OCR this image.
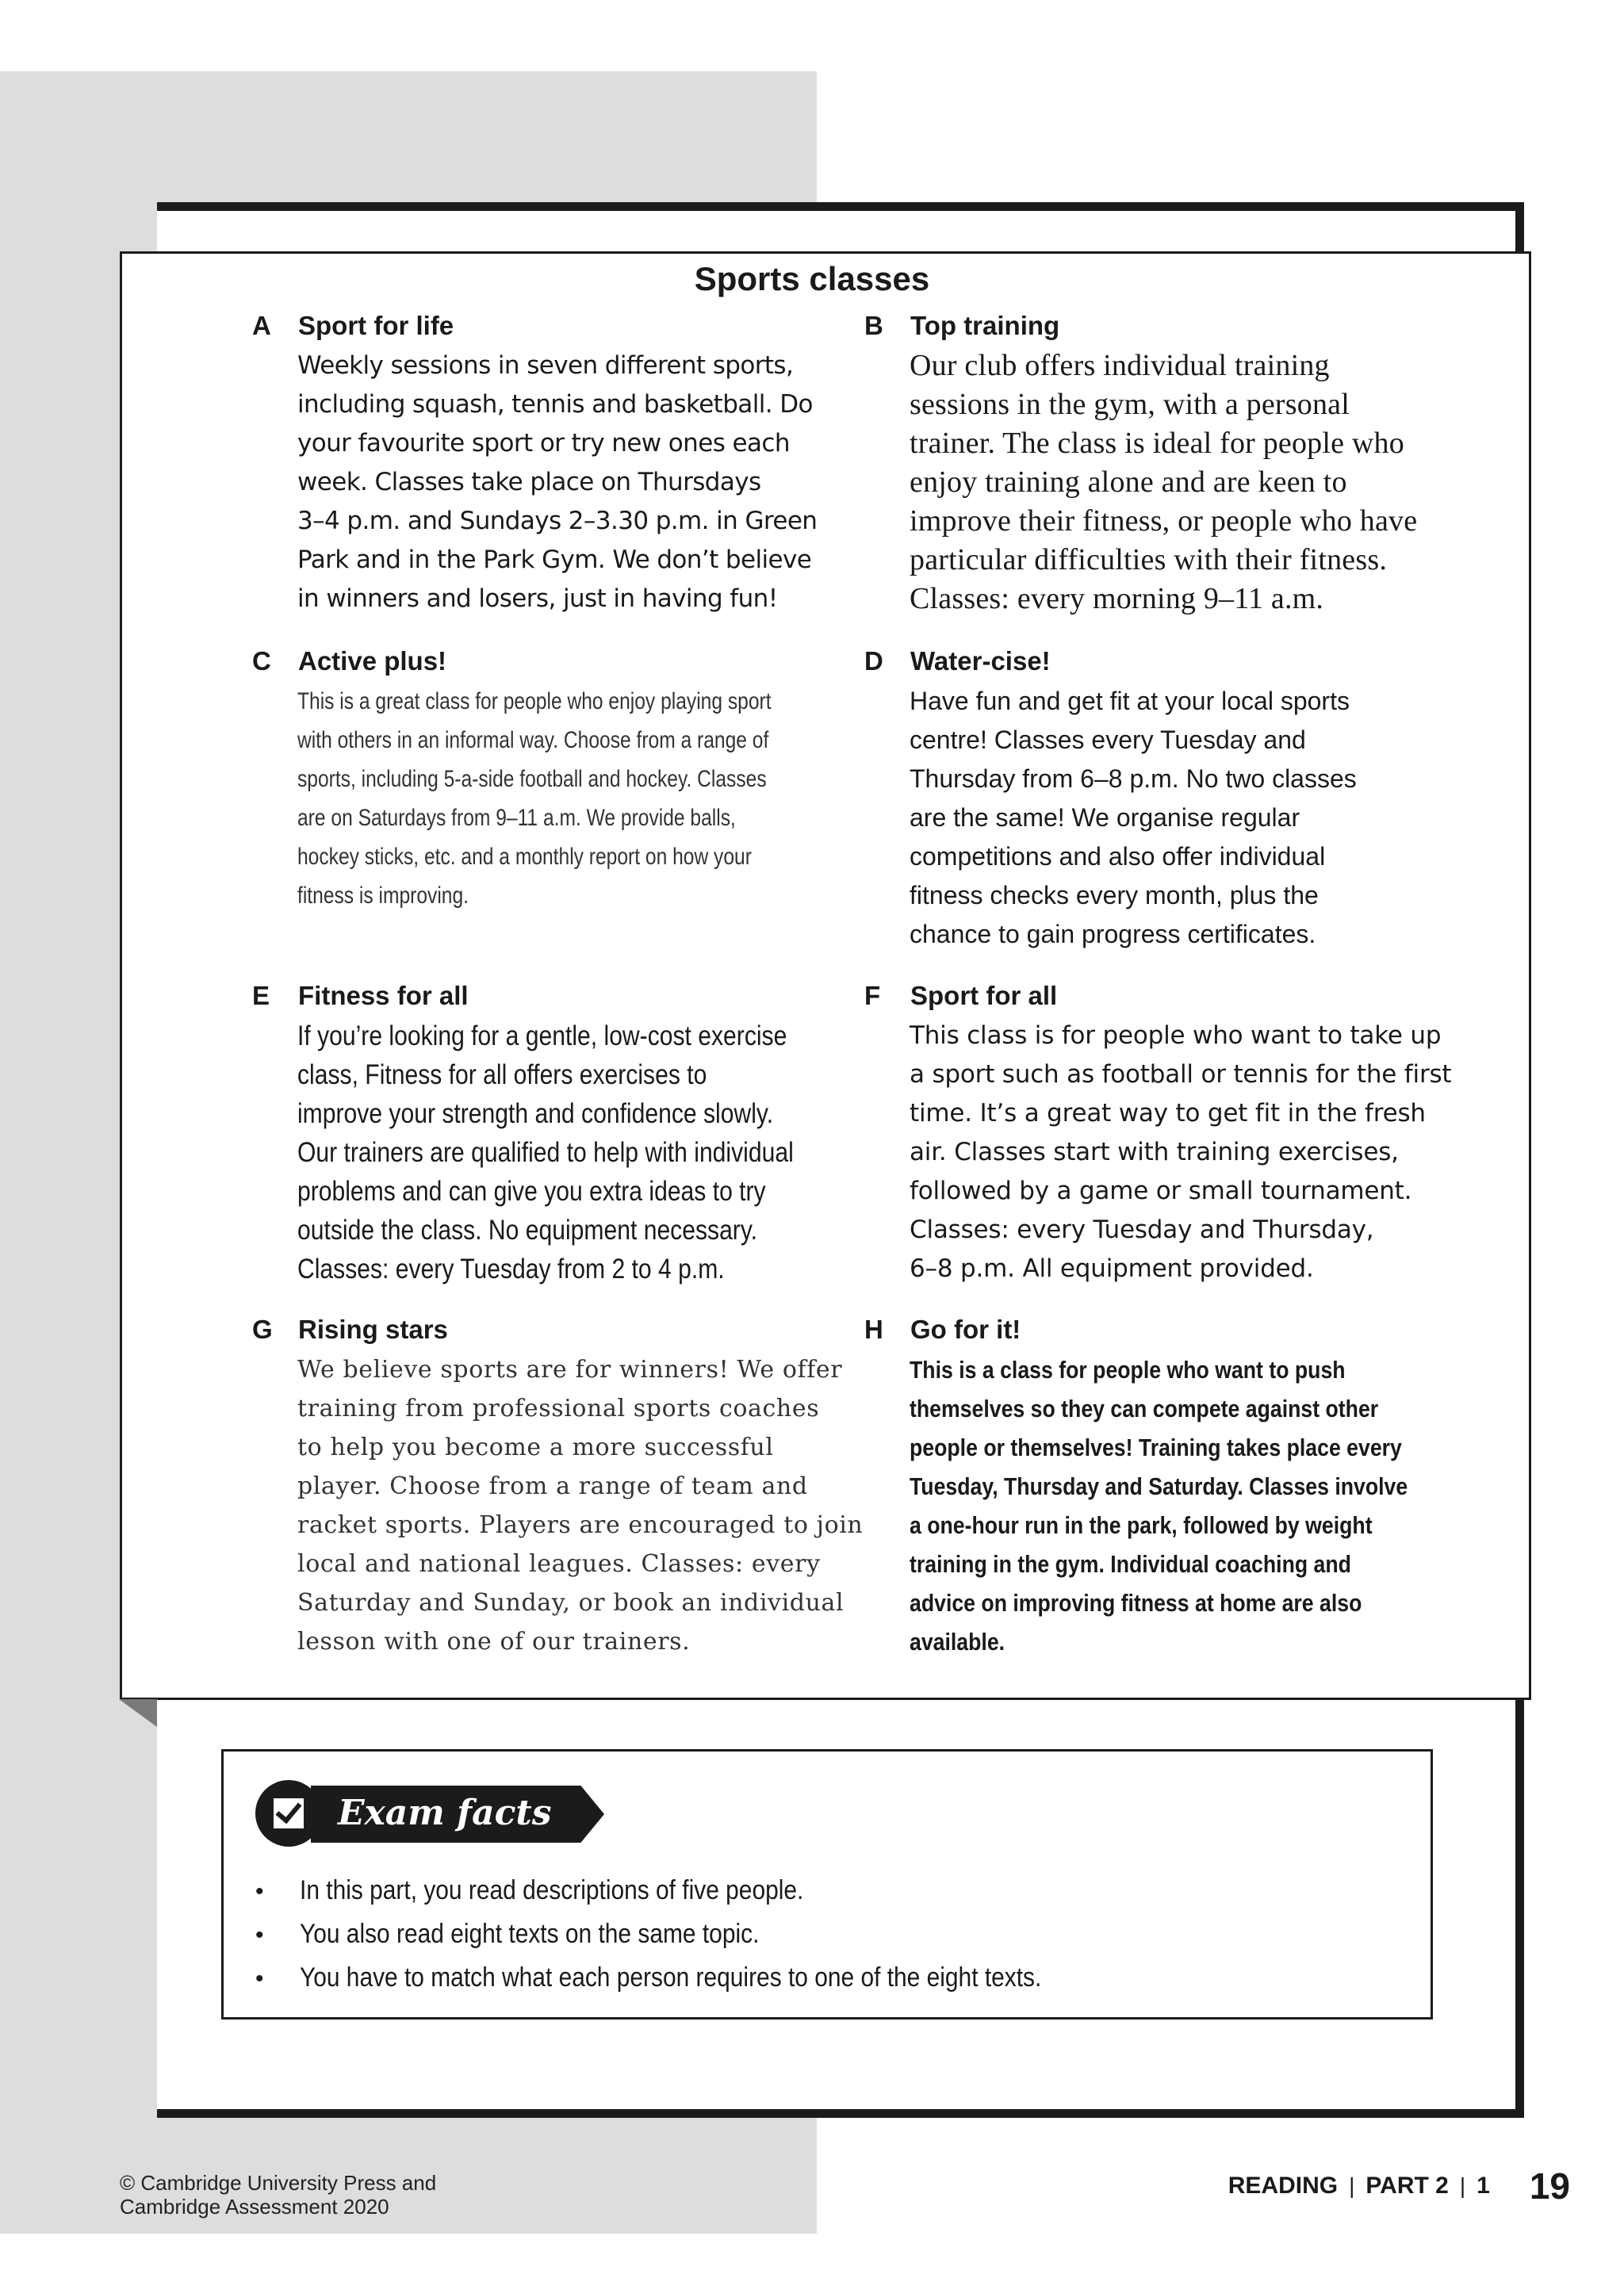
Sports classes
A Sport for life
Weekly sessions in seven different sports,
including squash, tennis and basketball. Do
your favourite sport or try new ones each
week. Classes take place on Thursdays
3–4 p.m. and Sundays 2–3.30 p.m. in Green
Park and in the Park Gym. We don’t believe
in winners and losers, just in having fun!
B Top training
Our club offers individual training
sessions in the gym, with a personal
trainer. The class is ideal for people who
enjoy training alone and are keen to
improve their fitness, or people who have
particular difficulties with their fitness.
Classes: every morning 9–11 a.m.
C Active plus!
This is a great class for people who enjoy playing sport
with others in an informal way. Choose from a range of
sports, including 5-a-side football and hockey. Classes
are on Saturdays from 9–11 a.m. We provide balls,
hockey sticks, etc. and a monthly report on how your
fitness is improving.
D Water-cise!
Have fun and get fit at your local sports
centre! Classes every Tuesday and
Thursday from 6–8 p.m. No two classes
are the same! We organise regular
competitions and also offer individual
fitness checks every month, plus the
chance to gain progress certificates.
E Fitness for all
If you’re looking for a gentle, low-cost exercise
class, Fitness for all offers exercises to
improve your strength and confidence slowly.
Our trainers are qualified to help with individual
problems and can give you extra ideas to try
outside the class. No equipment necessary.
Classes: every Tuesday from 2 to 4 p.m.
F Sport for all
This class is for people who want to take up
a sport such as football or tennis for the first
time. It’s a great way to get fit in the fresh
air. Classes start with training exercises,
followed by a game or small tournament.
Classes: every Tuesday and Thursday,
6–8 p.m. All equipment provided.
G Rising stars
We believe sports are for winners! We offer
training from professional sports coaches
to help you become a more successful
player. Choose from a range of team and
racket sports. Players are encouraged to join
local and national leagues. Classes: every
Saturday and Sunday, or book an individual
lesson with one of our trainers.
H Go for it!
This is a class for people who want to push
themselves so they can compete against other
people or themselves! Training takes place every
Tuesday, Thursday and Saturday. Classes involve
a one-hour run in the park, followed by weight
training in the gym. Individual coaching and
advice on improving fitness at home are also
available.
Exam facts
• In this part, you read descriptions of five people.
• You also read eight texts on the same topic.
• You have to match what each person requires to one of the eight texts.
© Cambridge University Press and
Cambridge Assessment 2020
READING | PART 2 | 1 19
